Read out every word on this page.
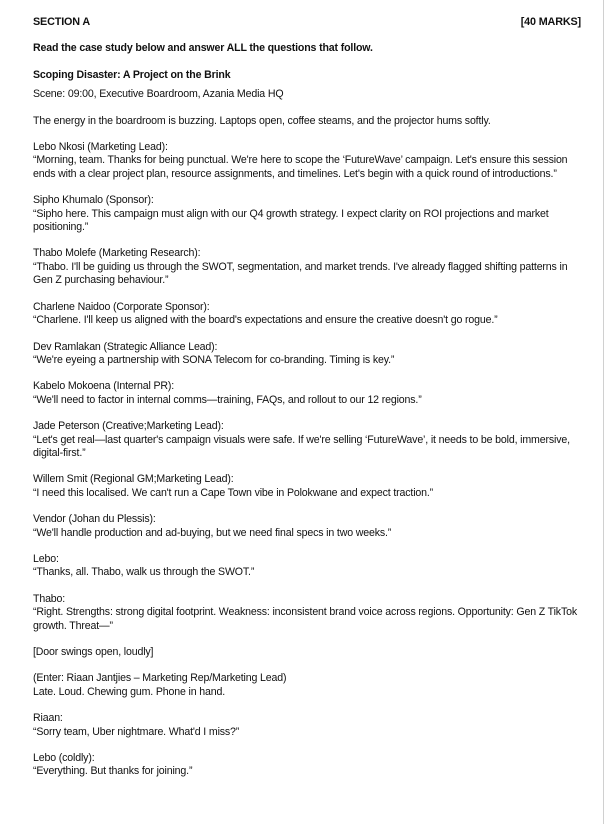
SECTION A	[40 MARKS]

Read the case study below and answer ALL the questions that follow.

Scoping Disaster: A Project on the Brink

Scene: 09:00, Executive Boardroom, Azania Media HQ

The energy in the boardroom is buzzing. Laptops open, coffee steams, and the projector hums softly.

Lebo Nkosi (Marketing Lead):
“Morning, team. Thanks for being punctual. We're here to scope the ‘FutureWave’ campaign. Let's ensure this session ends with a clear project plan, resource assignments, and timelines. Let's begin with a quick round of introductions.”
Sipho Khumalo (Sponsor):
“Sipho here. This campaign must align with our Q4 growth strategy. I expect clarity on ROI projections and market positioning.”
Thabo Molefe (Marketing Research):
“Thabo. I'll be guiding us through the SWOT, segmentation, and market trends. I've already flagged shifting patterns in Gen Z purchasing behaviour.”
Charlene Naidoo (Corporate Sponsor):
“Charlene. I'll keep us aligned with the board's expectations and ensure the creative doesn't go rogue.”
Dev Ramlakan (Strategic Alliance Lead):
“We're eyeing a partnership with SONA Telecom for co-branding. Timing is key.”
Kabelo Mokoena (Internal PR):
“We'll need to factor in internal comms—training, FAQs, and rollout to our 12 regions.”
Jade Peterson (Creative;Marketing Lead):
“Let's get real—last quarter's campaign visuals were safe. If we're selling ‘FutureWave’, it needs to be bold, immersive, digital-first.”
Willem Smit (Regional GM;Marketing Lead):
“I need this localised. We can't run a Cape Town vibe in Polokwane and expect traction.”
Vendor (Johan du Plessis):
“We'll handle production and ad-buying, but we need final specs in two weeks.”
Lebo:
“Thanks, all. Thabo, walk us through the SWOT.”
Thabo:
“Right. Strengths: strong digital footprint. Weakness: inconsistent brand voice across regions. Opportunity: Gen Z TikTok growth. Threat—”

[Door swings open, loudly]

(Enter: Riaan Jantjies – Marketing Rep/Marketing Lead)
Late. Loud. Chewing gum. Phone in hand.
Riaan:
“Sorry team, Uber nightmare. What'd I miss?”
Lebo (coldly):
“Everything. But thanks for joining.”
